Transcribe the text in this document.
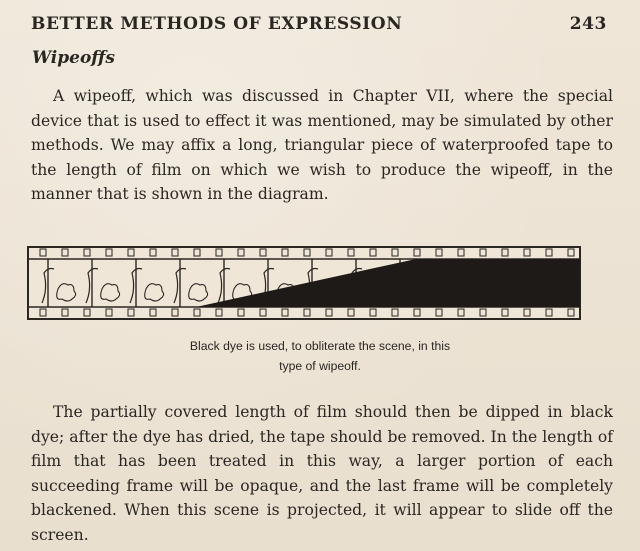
BETTER METHODS OF EXPRESSION	243
Wipeoffs

A wipeoff, which was discussed in Chapter VII, where the special device that is used to effect it was mentioned, may be simulated by other methods. We may affix a long, triangular piece of waterproofed tape to the length of film on which we wish to produce the wipeoff, in the manner that is shown in the diagram.

Black dye is used, to obliterate the scene, in this
type of wipeoff.

The partially covered length of film should then be dipped in black dye; after the dye has dried, the tape should be removed. In the length of film that has been treated in this way, a larger portion of each succeeding frame will be opaque, and the last frame will be completely blackened. When this scene is projected, it will appear to slide off the screen.
